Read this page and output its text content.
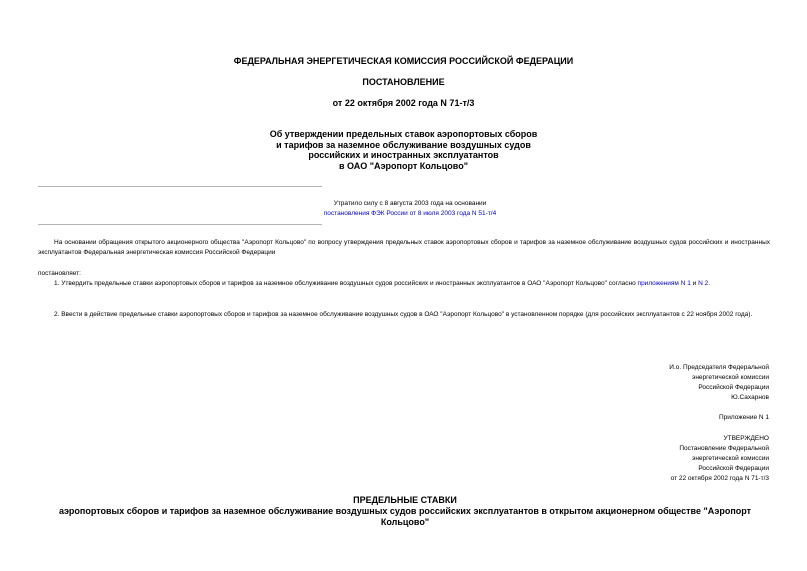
ФЕДЕРАЛЬНАЯ ЭНЕРГЕТИЧЕСКАЯ КОМИССИЯ РОССИЙСКОЙ ФЕДЕРАЦИИ
ПОСТАНОВЛЕНИЕ
от 22 октября 2002 года N 71-т/3
Об утверждении предельных ставок аэропортовых сборов
и тарифов за наземное обслуживание воздушных судов
российских и иностранных эксплуатантов
в ОАО "Аэропорт Кольцово"
Утратило силу с 8 августа 2003 года на основании
постановления ФЭК России от 8 июля 2003 года N 51-т/4
На основании обращения открытого акционерного общества "Аэропорт Кольцово" по вопросу утверждения предельных ставок аэропортовых сборов и тарифов за наземное обслуживание воздушных судов российских и иностранных эксплуатантов Федеральная энергетическая комиссия Российской Федерации
постановляет:
1. Утвердить предельные ставки аэропортовых сборов и тарифов за наземное обслуживание воздушных судов российских и иностранных эксплуатантов в ОАО "Аэропорт Кольцово" согласно приложениям N 1 и N 2.
2. Ввести в действие предельные ставки аэропортовых сборов и тарифов за наземное обслуживание воздушных судов в ОАО "Аэропорт Кольцово" в установленном порядке (для российских эксплуатантов с 22 ноября 2002 года).
И.о. Председателя Федеральной
энергетической комиссии
Российской Федерации
Ю.Сахарнов
Приложение N 1
УТВЕРЖДЕНО
Постановление Федеральной
энергетической комиссии
Российской Федерации
от 22 октября 2002 года N 71-т/3
ПРЕДЕЛЬНЫЕ СТАВКИ
аэропортовых сборов и тарифов за наземное обслуживание воздушных судов российских эксплуатантов в открытом акционерном обществе "Аэропорт Кольцово"
